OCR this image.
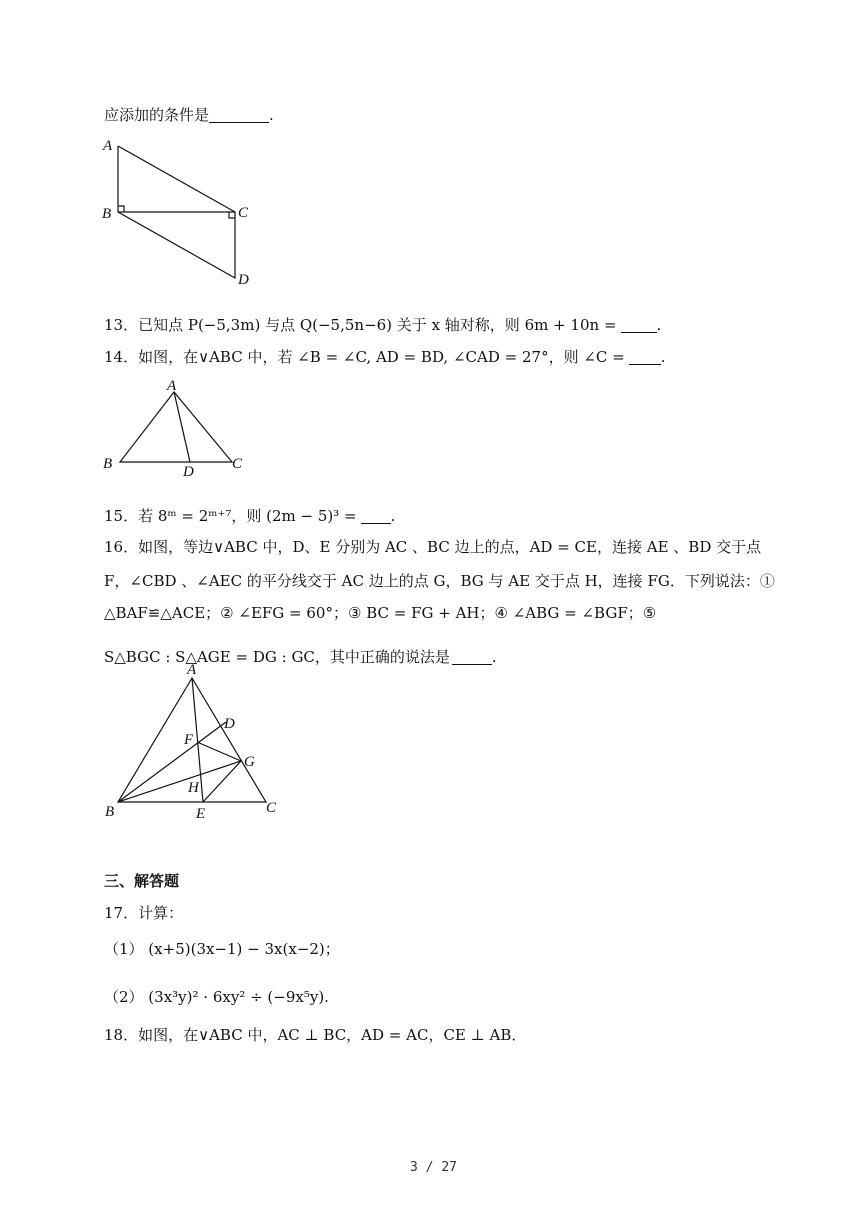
应添加的条件是	.
A
B	C
D
13．已知点 P(−5,3m) 与点 Q(−5,5n−6) 关于 x 轴对称，则 6m + 10n =	.
14．如图，在∨ABC 中，若 ∠B = ∠C, AD = BD, ∠CAD = 27°，则 ∠C = .
A
B	C
D
15．若 8ᵐ = 2ᵐ⁺⁷，则 (2m − 5)³ = .
16．如图，等边∨ABC 中，D、E 分别为 AC 、BC 边上的点，AD = CE，连接 AE 、BD 交于点
F，∠CBD 、∠AEC 的平分线交于 AC 边上的点 G，BG 与 AE 交于点 H，连接 FG．下列说法：①
△BAF≌△ACE；② ∠EFG = 60°；③ BC = FG + AH；④ ∠ABG = ∠BGF；⑤
S△BGC : S△AGE = DG : GC，其中正确的说法是	.
A
B	C
D
E
F
G
H
三、解答题
17．计算：
（1） (x+5)(3x−1) − 3x(x−2)；
（2） (3x³y)² · 6xy² ÷ (−9x⁵y).
18．如图，在∨ABC 中，AC ⊥ BC，AD = AC，CE ⊥ AB．
3 / 27
